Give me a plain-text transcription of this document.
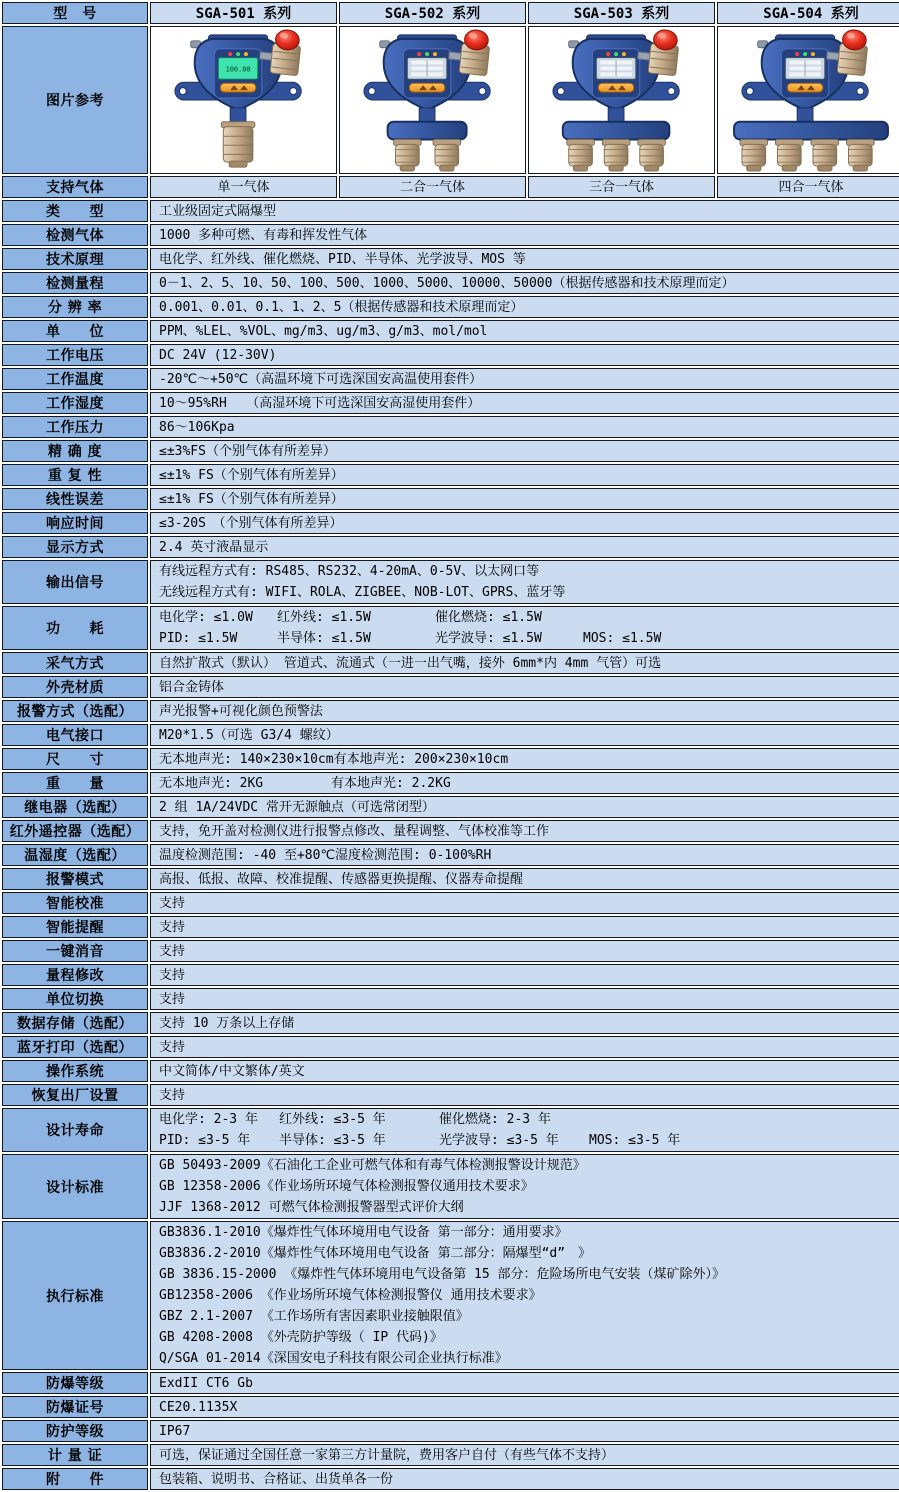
型　号	SGA-501 系列	SGA-502 系列	SGA-503 系列	SGA-504 系列
图片参考	100.00

支持气体	单一气体	二合一气体	三合一气体	四合一气体

类　　型	工业级固定式隔爆型			

检测气体	1000 多种可燃、有毒和挥发性气体			

技术原理	电化学、红外线、催化燃烧、PID、半导体、光学波导、MOS 等			

检测量程	0－1、2、5、10、50、100、500、1000、5000、10000、50000（根据传感器和技术原理而定）			

分 辨 率	0.001、0.01、0.1、1、2、5（根据传感器和技术原理而定）			

单　　位	PPM、%LEL、%VOL、mg/m3、ug/m3、g/m3、mol/mol			

工作电压	DC 24V (12-30V)			

工作温度	-20℃～+50℃（高温环境下可选深国安高温使用套件）			

工作湿度	10～95%RH　　（高湿环境下可选深国安高湿使用套件）			

工作压力	86～106Kpa			

精 确 度	≤±3%FS（个别气体有所差异）			

重 复 性	≤±1% FS（个别气体有所差异）			

线性误差	≤±1% FS（个别气体有所差异）			

响应时间	≤3-20S　（个别气体有所差异）			

显示方式	2.4 英寸液晶显示			

输出信号	有线远程方式有: RS485、RS232、4-20mA、0-5V、以太网口等
无线远程方式有: WIFI、ROLA、ZIGBEE、NOB-LOT、GPRS、蓝牙等			

功　　耗	电化学: ≤1.0W 红外线: ≤1.5W 催化燃烧: ≤1.5W
PID: ≤1.5W 半导体: ≤1.5W 光学波导: ≤1.5W MOS: ≤1.5W			

采气方式	自然扩散式（默认） 管道式、流通式（一进一出气嘴，接外 6mm*内 4mm 气管）可选			

外壳材质	铝合金铸体			

报警方式（选配）	声光报警+可视化颜色预警法			

电气接口	M20*1.5（可选 G3/4 螺纹）			

尺　　寸	无本地声光: 140×230×10cm有本地声光: 200×230×10cm			

重　　量	无本地声光: 2KG 有本地声光: 2.2KG			

继电器（选配）	2 组 1A/24VDC 常开无源触点（可选常闭型）			

红外遥控器（选配）	支持，免开盖对检测仪进行报警点修改、量程调整、气体校准等工作			

温湿度（选配）	温度检测范围: -40 至+80℃湿度检测范围: 0-100%RH			

报警模式	高报、低报、故障、校准提醒、传感器更换提醒、仪器寿命提醒			

智能校准	支持			

智能提醒	支持			

一键消音	支持			

量程修改	支持			

单位切换	支持			

数据存储（选配）	支持 10 万条以上存储			

蓝牙打印（选配）	支持			

操作系统	中文简体/中文繁体/英文			

恢复出厂设置	支持			

设计寿命	电化学: 2-3 年 红外线: ≤3-5 年 催化燃烧: 2-3 年
PID: ≤3-5 年 半导体: ≤3-5 年 光学波导: ≤3-5 年 MOS: ≤3-5 年			

设计标准	GB 50493-2009《石油化工企业可燃气体和有毒气体检测报警设计规范》
GB 12358-2006《作业场所环境气体检测报警仪通用技术要求》
JJF 1368-2012 可燃气体检测报警器型式评价大纲			

执行标准	
GB3836.1-2010《爆炸性气体环境用电气设备 第一部分：通用要求》
GB3836.2-2010《爆炸性气体环境用电气设备 第二部分：隔爆型“d”　》
GB 3836.15-2000 《爆炸性气体环境用电气设备第 15 部分：危险场所电气安装（煤矿除外）》
GB12358-2006 《作业场所环境气体检测报警仪 通用技术要求》
GBZ 2.1-2007 《工作场所有害因素职业接触限值》
GB 4208-2008 《外壳防护等级（ IP 代码)》
Q/SGA 01-2014《深国安电子科技有限公司企业执行标准》

防爆等级	ExdII CT6 Gb			

防爆证号	CE20.1135X			

防护等级	IP67			

计 量 证	可选，保证通过全国任意一家第三方计量院，费用客户自付（有些气体不支持）			

附　　件	包装箱、说明书、合格证、出货单各一份			
